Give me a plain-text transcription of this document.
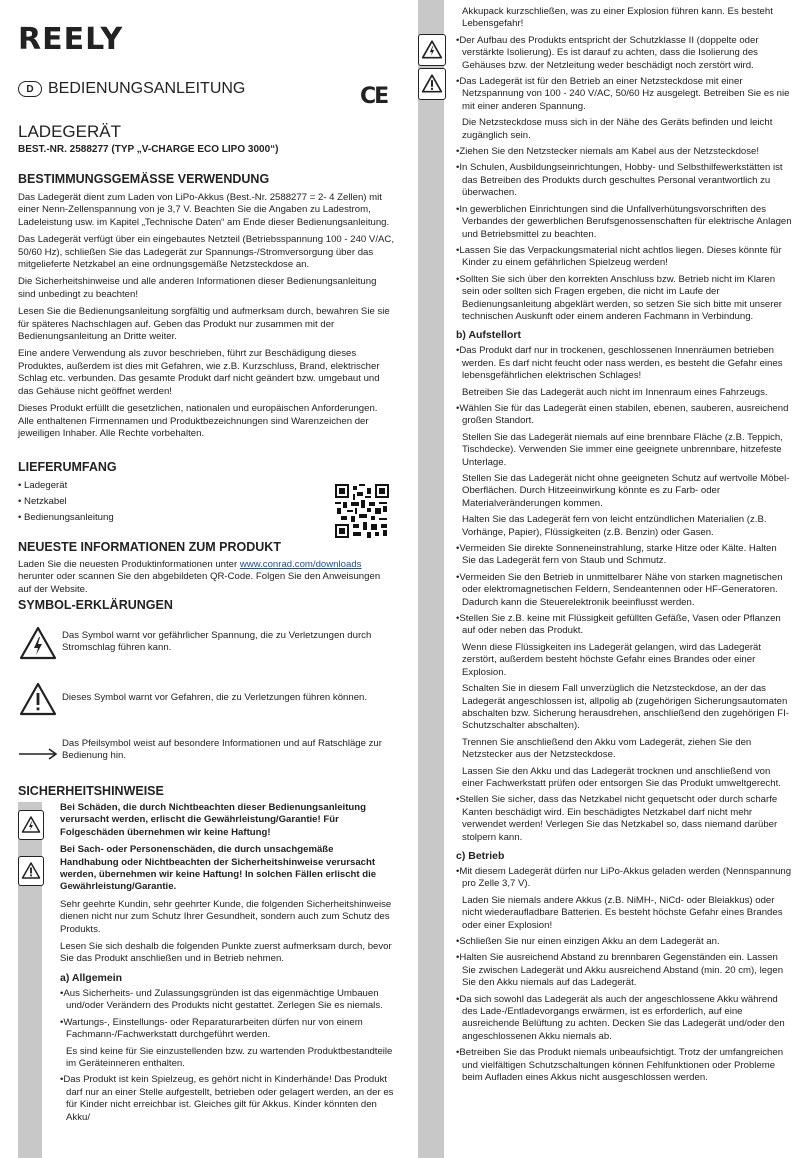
REELY
D BEDIENUNGSANLEITUNG	CE
LADEGERÄT
BEST.-NR. 2588277 (TYP „V-CHARGE ECO LIPO 3000“)
BESTIMMUNGSGEMÄSSE VERWENDUNG

Das Ladegerät dient zum Laden von LiPo-Akkus (Best.-Nr. 2588277 = 2- 4 Zellen) mit einer Nenn-Zellenspannung von je 3,7 V. Beachten Sie die Angaben zu Ladestrom, Ladeleistung usw. im Kapitel „Technische Daten“ am Ende dieser Bedienungsanleitung.

Das Ladegerät verfügt über ein eingebautes Netzteil (Betriebsspannung 100 - 240 V/AC, 50/60 Hz), schließen Sie das Ladegerät zur Spannungs-/Stromversorgung über das mitgelieferte Netzkabel an eine ordnungsgemäße Netzsteckdose an.

Die Sicherheitshinweise und alle anderen Informationen dieser Bedienungsanleitung sind unbedingt zu beachten!

Lesen Sie die Bedienungsanleitung sorgfältig und aufmerksam durch, bewahren Sie sie für späteres Nachschlagen auf. Geben das Produkt nur zusammen mit der Bedienungsanleitung an Dritte weiter.

Eine andere Verwendung als zuvor beschrieben, führt zur Beschädigung dieses Produktes, außerdem ist dies mit Gefahren, wie z.B. Kurzschluss, Brand, elektrischer Schlag etc. verbunden. Das gesamte Produkt darf nicht geändert bzw. umgebaut und das Gehäuse nicht geöffnet werden!

Dieses Produkt erfüllt die gesetzlichen, nationalen und europäischen Anforderungen. Alle enthaltenen Firmennamen und Produktbezeichnungen sind Warenzeichen der jeweiligen Inhaber. Alle Rechte vorbehalten.

LIEFERUMFANG
• Ladegerät
• Netzkabel
• Bedienungsanleitung
NEUESTE INFORMATIONEN ZUM PRODUKT

Laden Sie die neuesten Produktinformationen unter www.conrad.com/downloads herunter oder scannen Sie den abgebildeten QR-Code. Folgen Sie den Anweisungen auf der Website.

SYMBOL-ERKLÄRUNGEN
Das Symbol warnt vor gefährlicher Spannung, die zu Verletzungen durch Stromschlag führen kann.
Dieses Symbol warnt vor Gefahren, die zu Verletzungen führen können.
Das Pfeilsymbol weist auf besondere Informationen und auf Ratschläge zur Bedienung hin.
SICHERHEITSHINWEISE

Bei Schäden, die durch Nichtbeachten dieser Bedienungsanleitung verursacht werden, erlischt die Gewährleistung/Garantie! Für Folgeschäden übernehmen wir keine Haftung!

Bei Sach- oder Personenschäden, die durch unsachgemäße Handhabung oder Nichtbeachten der Sicherheitshinweise verursacht werden, übernehmen wir keine Haftung! In solchen Fällen erlischt die Gewährleistung/Garantie.

Sehr geehrte Kundin, sehr geehrter Kunde, die folgenden Sicherheitshinweise dienen nicht nur zum Schutz Ihrer Gesundheit, sondern auch zum Schutz des Produkts.

Lesen Sie sich deshalb die folgenden Punkte zuerst aufmerksam durch, bevor Sie das Produkt anschließen und in Betrieb nehmen.

a) Allgemein

•Aus Sicherheits- und Zulassungsgründen ist das eigenmächtige Umbauen und/oder Verändern des Produkts nicht gestattet. Zerlegen Sie es niemals.

•Wartungs-, Einstellungs- oder Reparaturarbeiten dürfen nur von einem Fachmann-/Fachwerkstatt durchgeführt werden.

Es sind keine für Sie einzustellenden bzw. zu wartenden Produktbestandteile im Geräteinneren enthalten.

•Das Produkt ist kein Spielzeug, es gehört nicht in Kinderhände! Das Produkt darf nur an einer Stelle aufgestellt, betrieben oder gelagert werden, an der es für Kinder nicht erreichbar ist. Gleiches gilt für Akkus. Kinder könnten den Akku/

Akkupack kurzschließen, was zu einer Explosion führen kann. Es besteht Lebensgefahr!

•Der Aufbau des Produkts entspricht der Schutzklasse II (doppelte oder verstärkte Isolierung). Es ist darauf zu achten, dass die Isolierung des Gehäuses bzw. der Netzleitung weder beschädigt noch zerstört wird.

•Das Ladegerät ist für den Betrieb an einer Netzsteckdose mit einer Netzspannung von 100 - 240 V/AC, 50/60 Hz ausgelegt. Betreiben Sie es nie mit einer anderen Spannung.

Die Netzsteckdose muss sich in der Nähe des Geräts befinden und leicht zugänglich sein.

•Ziehen Sie den Netzstecker niemals am Kabel aus der Netzsteckdose!

•In Schulen, Ausbildungseinrichtungen, Hobby- und Selbsthilfewerkstätten ist das Betreiben des Produkts durch geschultes Personal verantwortlich zu überwachen.

•In gewerblichen Einrichtungen sind die Unfallverhütungsvorschriften des Verbandes der gewerblichen Berufsgenossenschaften für elektrische Anlagen und Betriebsmittel zu beachten.

•Lassen Sie das Verpackungsmaterial nicht achtlos liegen. Dieses könnte für Kinder zu einem gefährlichen Spielzeug werden!

•Sollten Sie sich über den korrekten Anschluss bzw. Betrieb nicht im Klaren sein oder sollten sich Fragen ergeben, die nicht im Laufe der Bedienungsanleitung abgeklärt werden, so setzen Sie sich bitte mit unserer technischen Auskunft oder einem anderen Fachmann in Verbindung.

b) Aufstellort

•Das Produkt darf nur in trockenen, geschlossenen Innenräumen betrieben werden. Es darf nicht feucht oder nass werden, es besteht die Gefahr eines lebensgefährlichen elektrischen Schlages!

Betreiben Sie das Ladegerät auch nicht im Innenraum eines Fahrzeugs.

•Wählen Sie für das Ladegerät einen stabilen, ebenen, sauberen, ausreichend großen Standort.

Stellen Sie das Ladegerät niemals auf eine brennbare Fläche (z.B. Teppich, Tischdecke). Verwenden Sie immer eine geeignete unbrennbare, hitzefeste Unterlage.

Stellen Sie das Ladegerät nicht ohne geeigneten Schutz auf wertvolle Möbel-Oberflächen. Durch Hitzeeinwirkung könnte es zu Farb- oder Materialveränderungen kommen.

Halten Sie das Ladegerät fern von leicht entzündlichen Materialien (z.B. Vorhänge, Papier), Flüssigkeiten (z.B. Benzin) oder Gasen.

•Vermeiden Sie direkte Sonneneinstrahlung, starke Hitze oder Kälte. Halten Sie das Ladegerät fern von Staub und Schmutz.

•Vermeiden Sie den Betrieb in unmittelbarer Nähe von starken magnetischen oder elektromagnetischen Feldern, Sendeantennen oder HF-Generatoren. Dadurch kann die Steuerelektronik beeinflusst werden.

•Stellen Sie z.B. keine mit Flüssigkeit gefüllten Gefäße, Vasen oder Pflanzen auf oder neben das Produkt.

Wenn diese Flüssigkeiten ins Ladegerät gelangen, wird das Ladegerät zerstört, außerdem besteht höchste Gefahr eines Brandes oder einer Explosion.

Schalten Sie in diesem Fall unverzüglich die Netzsteckdose, an der das Ladegerät angeschlossen ist, allpolig ab (zugehörigen Sicherungsautomaten abschalten bzw. Sicherung herausdrehen, anschließend den zugehörigen FI-Schutzschalter abschalten).

Trennen Sie anschließend den Akku vom Ladegerät, ziehen Sie den Netzstecker aus der Netzsteckdose.

Lassen Sie den Akku und das Ladegerät trocknen und anschließend von einer Fachwerkstatt prüfen oder entsorgen Sie das Produkt umweltgerecht.

•Stellen Sie sicher, dass das Netzkabel nicht gequetscht oder durch scharfe Kanten beschädigt wird. Ein beschädigtes Netzkabel darf nicht mehr verwendet werden! Verlegen Sie das Netzkabel so, dass niemand darüber stolpern kann.

c) Betrieb

•Mit diesem Ladegerät dürfen nur LiPo-Akkus geladen werden (Nennspannung pro Zelle 3,7 V).

Laden Sie niemals andere Akkus (z.B. NiMH-, NiCd- oder Bleiakkus) oder nicht wiederaufladbare Batterien. Es besteht höchste Gefahr eines Brandes oder einer Explosion!

•Schließen Sie nur einen einzigen Akku an dem Ladegerät an.

•Halten Sie ausreichend Abstand zu brennbaren Gegenständen ein. Lassen Sie zwischen Ladegerät und Akku ausreichend Abstand (min. 20 cm), legen Sie den Akku niemals auf das Ladegerät.

•Da sich sowohl das Ladegerät als auch der angeschlossene Akku während des Lade-/Entladevorgangs erwärmen, ist es erforderlich, auf eine ausreichende Belüftung zu achten. Decken Sie das Ladegerät und/oder den angeschlossenen Akku niemals ab.

•Betreiben Sie das Produkt niemals unbeaufsichtigt. Trotz der umfangreichen und vielfältigen Schutzschaltungen können Fehlfunktionen oder Probleme beim Aufladen eines Akkus nicht ausgeschlossen werden.
